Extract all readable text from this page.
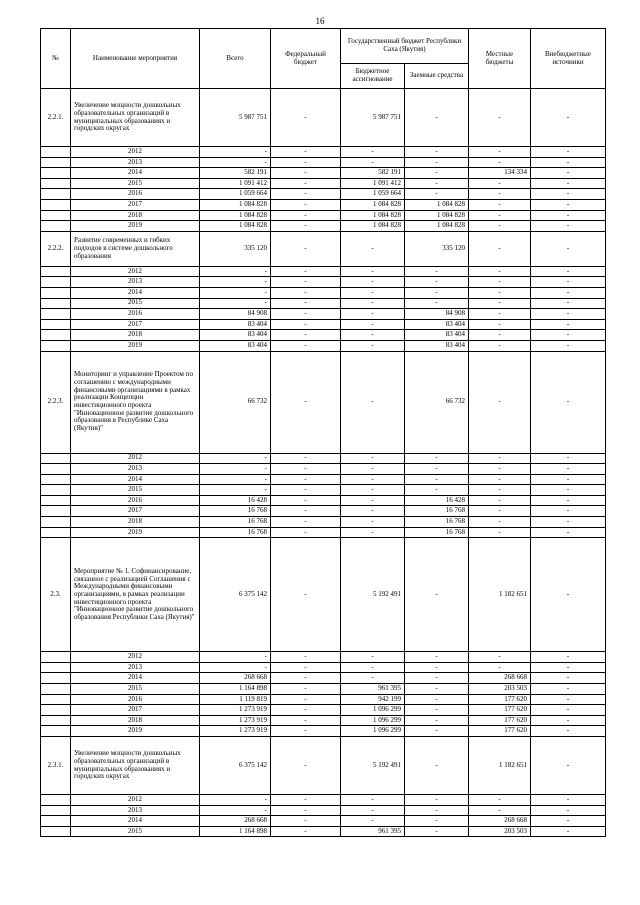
16
№	Наименование мероприятия	Всего	Федеральный бюджет	Государственный бюджет Республики Саха (Якутия)		Местные бюджеты	Внебюджетные источники
				Бюджетное ассигнование	Заемные средства		
2.2.1.	Увеличение мощности дошкольных образовательных организаций в муниципальных образованиях и городских округах	5 987 751	-	5 987 751	-	-	-
	2012	-	-	-	-	-	-
	2013	-	-	-	-	-	-
	2014	582 191	-	582 191	-	134 334	-
	2015	1 091 412	-	1 091 412	-	-	-
	2016	1 059 664	-	1 059 664	-	-	-
	2017	1 084 828	-	1 084 828	1 084 828	-	-
	2018	1 084 828	-	1 084 828	1 084 828	-	-
	2019	1 084 828	-	1 084 828	1 084 828	-	-
2.2.2.	Развитие современных и гибких подходов в системе дошкольного образования	335 120	-	-	335 120	-	-
	2012	-	-	-	-	-	-
	2013	-	-	-	-	-	-
	2014	-	-	-	-	-	-
	2015	-	-	-	-	-	-
	2016	84 908	-	-	84 908	-	-
	2017	83 404	-	-	83 404	-	-
	2018	83 404	-	-	83 404	-	-
	2019	83 404	-	-	83 404	-	-
2.2.3.	Мониторинг и управление Проектом по соглашению с международными финансовыми организациями в рамках реализации Концепции инвестиционного проекта "Инновационное развитие дошкольного образования в Республике Саха (Якутия)"	66 732	-	-	66 732	-	-
	2012	-	-	-	-	-	-
	2013	-	-	-	-	-	-
	2014	-	-	-	-	-	-
	2015	-	-	-	-	-	-
	2016	16 428	-	-	16 428	-	-
	2017	16 768	-	-	16 768	-	-
	2018	16 768	-	-	16 768	-	-
	2019	16 768	-	-	16 768	-	-
2.3.	Мероприятие № 1. Софинансирование, связанное с реализацией Соглашения с Международными финансовыми организациями, в рамках реализации инвестиционного проекта "Инновационное развитие дошкольного образования Республики Саха (Якутия)"	6 375 142	-	5 192 491	-	1 182 651	-
	2012	-	-	-	-	-	-
	2013	-	-	-	-	-	-
	2014	268 668	-	-	-	268 668	-
	2015	1 164 898	-	961 395	-	203 503	-
	2016	1 119 819	-	942 199	-	177 620	-
	2017	1 273 919	-	1 096 299	-	177 620	-
	2018	1 273 919	-	1 096 299	-	177 620	-
	2019	1 273 919	-	1 096 299	-	177 620	-
2.3.1.	Увеличение мощности дошкольных образовательных организаций в муниципальных образованиях и городских округах	6 375 142	-	5 192 491	-	1 182 651	-
	2012	-	-	-	-	-	-
	2013	-	-	-	-	-	-
	2014	268 668	-	-	-	268 668	-
	2015	1 164 898	-	961 395	-	203 503	-
